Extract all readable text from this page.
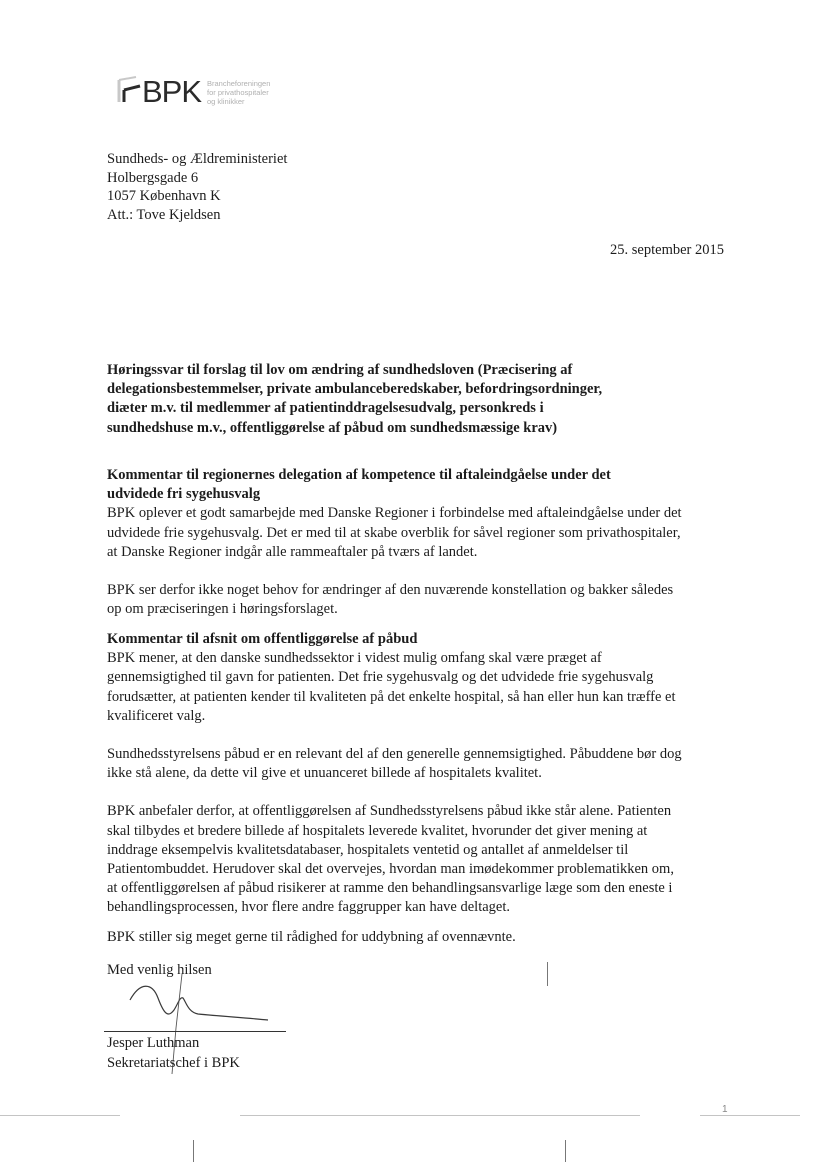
BPK Brancheforeningen
for privathospitaler
og klinikker
Sundheds- og Ældreministeriet
Holbergsgade 6
1057 København K
Att.: Tove Kjeldsen
25. september 2015
Høringssvar til forslag til lov om ændring af sundhedsloven (Præcisering af
delegationsbestemmelser, private ambulanceberedskaber, befordringsordninger,
diæter m.v. til medlemmer af patientinddragelsesudvalg, personkreds i
sundhedshuse m.v., offentliggørelse af påbud om sundhedsmæssige krav)
Kommentar til regionernes delegation af kompetence til aftaleindgåelse under det
udvidede fri sygehusvalg

BPK oplever et godt samarbejde med Danske Regioner i forbindelse med aftaleindgåelse under det
udvidede frie sygehusvalg. Det er med til at skabe overblik for såvel regioner som privathospitaler,
at Danske Regioner indgår alle rammeaftaler på tværs af landet.

BPK ser derfor ikke noget behov for ændringer af den nuværende konstellation og bakker således
op om præciseringen i høringsforslaget.

Kommentar til afsnit om offentliggørelse af påbud

BPK mener, at den danske sundhedssektor i videst mulig omfang skal være præget af
gennemsigtighed til gavn for patienten. Det frie sygehusvalg og det udvidede frie sygehusvalg
forudsætter, at patienten kender til kvaliteten på det enkelte hospital, så han eller hun kan træffe et
kvalificeret valg.

Sundhedsstyrelsens påbud er en relevant del af den generelle gennemsigtighed. Påbuddene bør dog
ikke stå alene, da dette vil give et unuanceret billede af hospitalets kvalitet.

BPK anbefaler derfor, at offentliggørelsen af Sundhedsstyrelsens påbud ikke står alene. Patienten
skal tilbydes et bredere billede af hospitalets leverede kvalitet, hvorunder det giver mening at
inddrage eksempelvis kvalitetsdatabaser, hospitalets ventetid og antallet af anmeldelser til
Patientombuddet. Herudover skal det overvejes, hvordan man imødekommer problematikken om,
at offentliggørelsen af påbud risikerer at ramme den behandlingsansvarlige læge som den eneste i
behandlingsprocessen, hvor flere andre faggrupper kan have deltaget.

BPK stiller sig meget gerne til rådighed for uddybning af ovennævnte.
Med venlig hilsen
Jesper Luthman
Sekretariatschef i BPK
1
